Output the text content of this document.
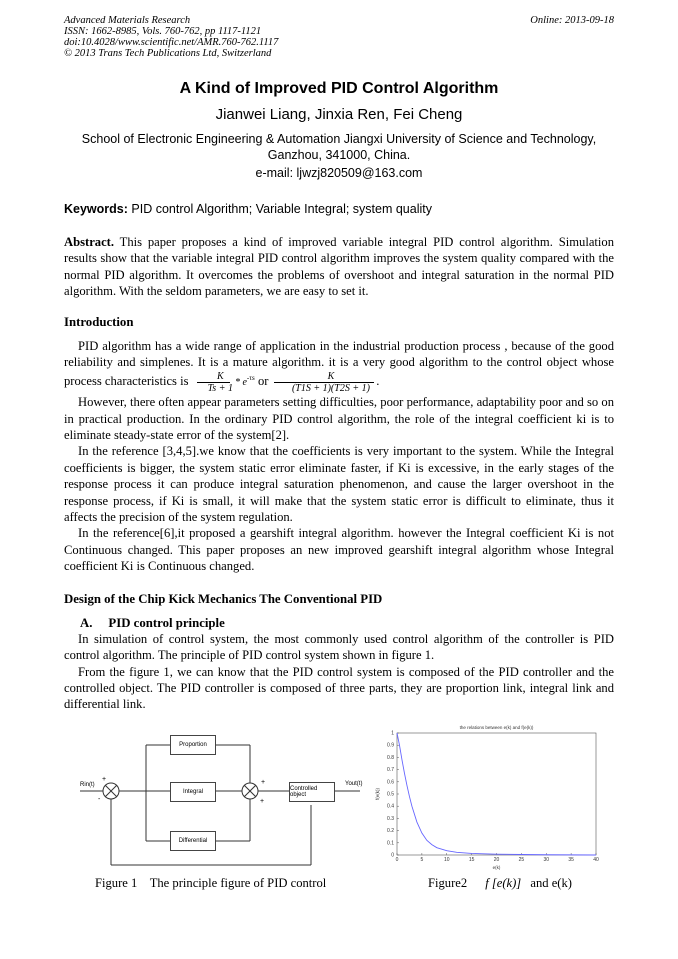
Advanced Materials Research
ISSN: 1662-8985, Vols. 760-762, pp 1117-1121
doi:10.4028/www.scientific.net/AMR.760-762.1117
© 2013 Trans Tech Publications Ltd, Switzerland
Online: 2013-09-18
A Kind of Improved PID Control Algorithm
Jianwei Liang, Jinxia Ren, Fei Cheng
School of Electronic Engineering & Automation Jiangxi University of Science and Technology,
Ganzhou, 341000, China.
e-mail: ljwzj820509@163.com
Keywords: PID control Algorithm; Variable Integral; system quality
Abstract. This paper proposes a kind of improved variable integral PID control algorithm. Simulation results show that the variable integral PID control algorithm improves the system quality compared with the normal PID algorithm. It overcomes the problems of overshoot and integral saturation in the normal PID algorithm. With the seldom parameters, we are easy to set it.
Introduction

PID algorithm has a wide range of application in the industrial production process , because of the good reliability and simplenes. It is a mature algorithm. it is a very good algorithm to the control object whose process characteristics is $\frac{K}{Ts + 1} * e^{-\tau s}$ or $\frac{K}{(T1S + 1)(T2S + 1)}$ .

However, there often appear parameters setting difficulties, poor performance, adaptability poor and so on in practical production. In the ordinary PID control algorithm, the role of the integral coefficient ki is to eliminate steady-state error of the system[2].

In the reference [3,4,5].we know that the coefficients is very important to the system. While the Integral coefficients is bigger, the system static error eliminate faster, if Ki is excessive, in the early stages of the response process it can produce integral saturation phenomenon, and cause the larger overshoot in the response process, if Ki is small, it will make that the system static error is difficult to eliminate, thus it affects the precision of the system regulation.

In the reference[6],it proposed a gearshift integral algorithm. however the Integral coefficient Ki is not Continuous changed. This paper proposes an new improved gearshift integral algorithm whose Integral coefficient Ki is Continuous changed.

Design of the Chip Kick Mechanics The Conventional PID
A.     PID control principle

In simulation of control system, the most commonly used control algorithm of the controller is PID control algorithm. The principle of PID control system shown in figure 1.

From the figure 1, we can know that the PID control system is composed of the PID controller and the controlled object. The PID controller is composed of three parts, they are proportion link, integral link and differential link.

Proportion
Integral
Differential
Controlled object
Rin(t)	Yout(t)
+
-
+
+
Figure 1    The principle figure of PID control
the relations between e(k) and f(e(k))
0	5	10	15	20	25	30	35	40
0
0.1
0.2
0.3
0.4
0.5
0.6
0.7
0.8
0.9
1
e(k)
f(e(k))
Figure2 f [e(k)] and e(k)
